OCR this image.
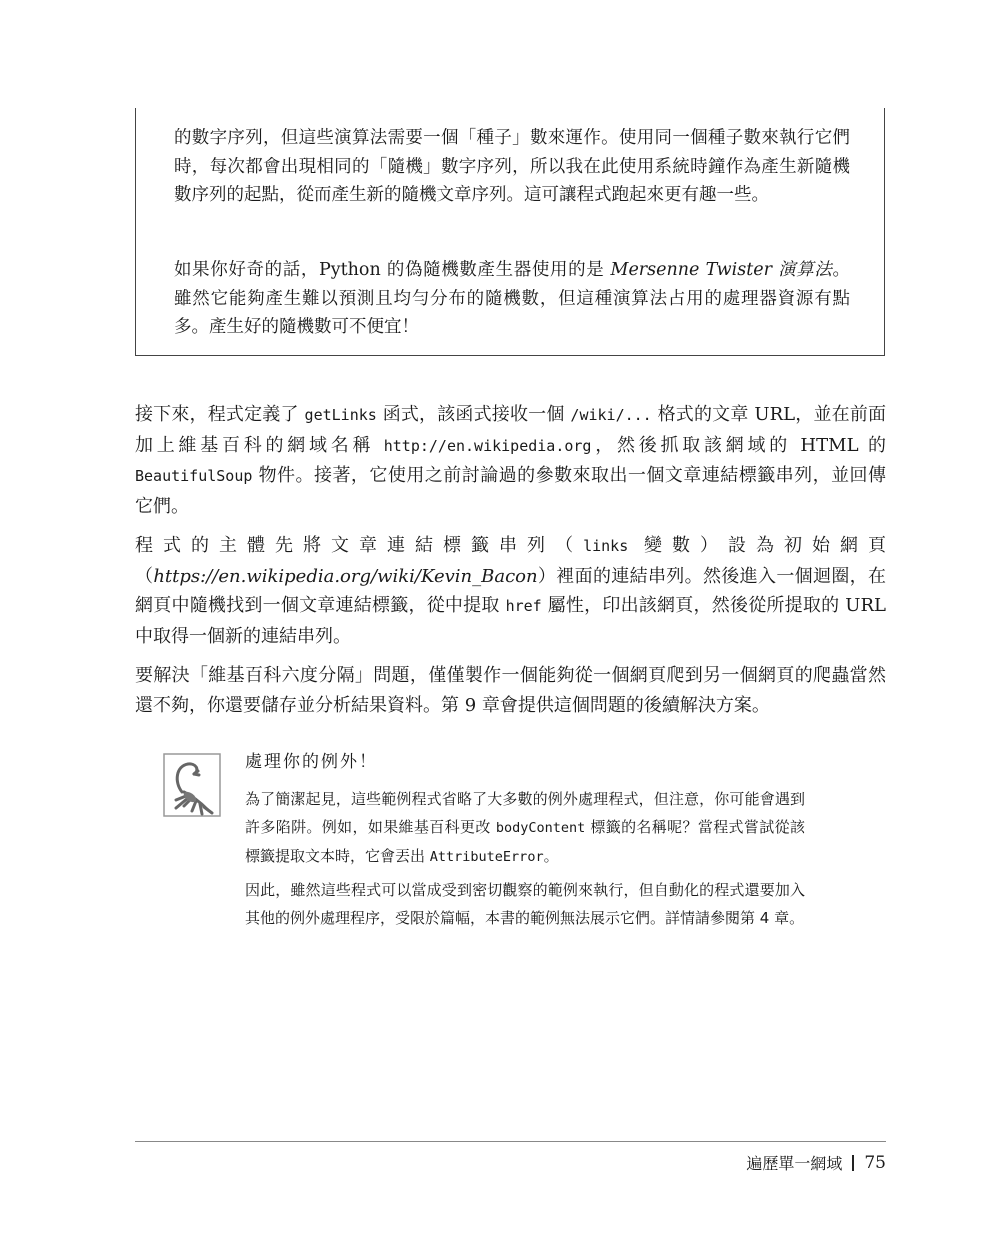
的數字序列，但這些演算法需要一個「種子」數來運作。使用同一個種子數來執行它們時，每次都會出現相同的「隨機」數字序列，所以我在此使用系統時鐘作為產生新隨機數序列的起點，從而產生新的隨機文章序列。這可讓程式跑起來更有趣一些。

如果你好奇的話，Python 的偽隨機數產生器使用的是 Mersenne Twister 演算法。雖然它能夠產生難以預測且均勻分布的隨機數，但這種演算法占用的處理器資源有點多。產生好的隨機數可不便宜！

接下來，程式定義了 getLinks 函式，該函式接收一個 /wiki/... 格式的文章 URL，並在前面加上維基百科的網域名稱 http://en.wikipedia.org，然後抓取該網域的 HTML 的 BeautifulSoup 物件。接著，它使用之前討論過的參數來取出一個文章連結標籤串列，並回傳它們。

程式的主體先將文章連結標籤串列（links 變數）設為初始網頁（https://en.wikipedia.org/wiki/Kevin_Bacon）裡面的連結串列。然後進入一個迴圈，在網頁中隨機找到一個文章連結標籤，從中提取 href 屬性，印出該網頁，然後從所提取的 URL 中取得一個新的連結串列。

要解決「維基百科六度分隔」問題，僅僅製作一個能夠從一個網頁爬到另一個網頁的爬蟲當然還不夠，你還要儲存並分析結果資料。第 9 章會提供這個問題的後續解決方案。

處理你的例外！

為了簡潔起見，這些範例程式省略了大多數的例外處理程式，但注意，你可能會遇到許多陷阱。例如，如果維基百科更改 bodyContent 標籤的名稱呢？當程式嘗試從該標籤提取文本時，它會丟出 AttributeError。

因此，雖然這些程式可以當成受到密切觀察的範例來執行，但自動化的程式還要加入其他的例外處理程序，受限於篇幅，本書的範例無法展示它們。詳情請參閱第 4 章。

遍歷單一網域 75
